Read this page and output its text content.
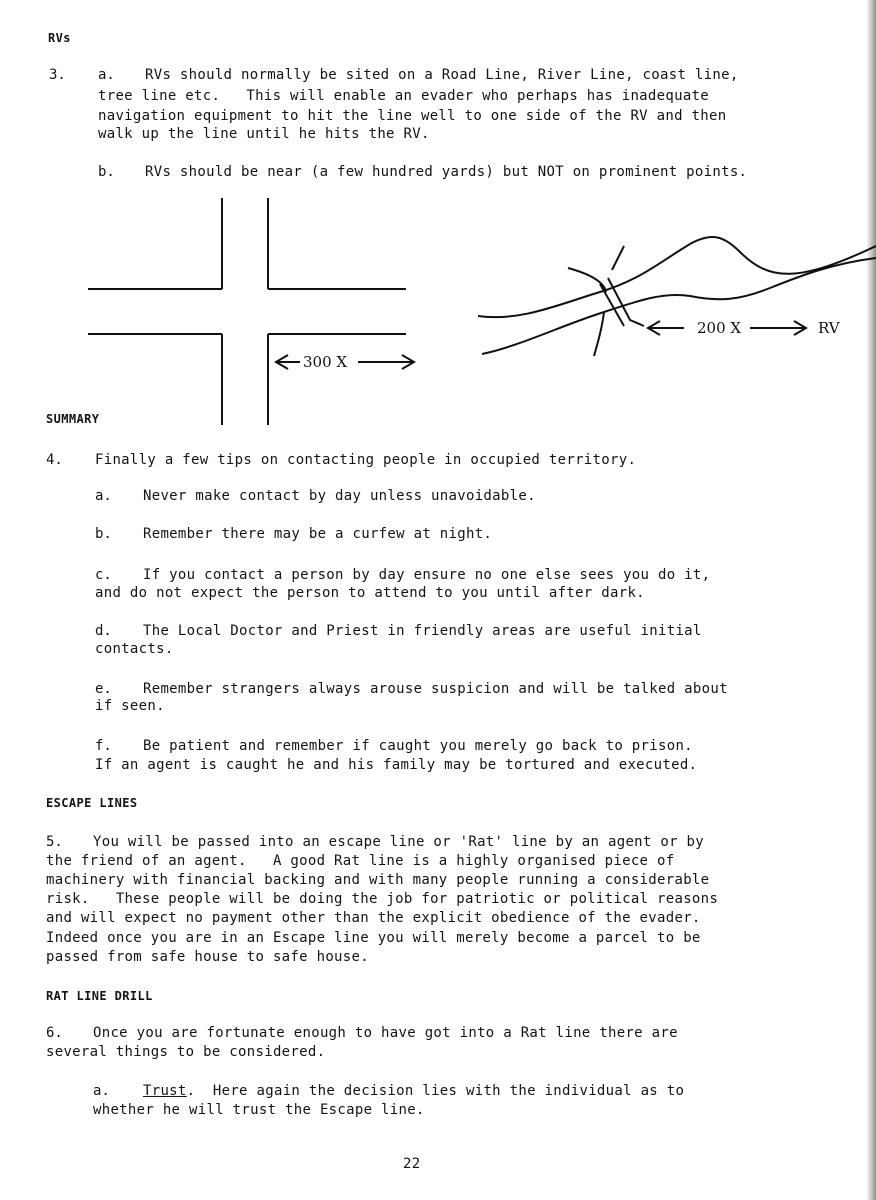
RVs
SUMMARY
ESCAPE LINES
RAT LINE DRILL
3. a. RVs should normally be sited on a Road Line, River Line, coast line,
tree line etc.   This will enable an evader who perhaps has inadequate
navigation equipment to hit the line well to one side of the RV and then
walk up the line until he hits the RV.
b. RVs should be near (a few hundred yards) but NOT on prominent points.
300 X
200 X	RV
4. Finally a few tips on contacting people in occupied territory.
a. Never make contact by day unless unavoidable.
b. Remember there may be a curfew at night.
c. If you contact a person by day ensure no one else sees you do it,
and do not expect the person to attend to you until after dark.
d. The Local Doctor and Priest in friendly areas are useful initial
contacts.
e. Remember strangers always arouse suspicion and will be talked about
if seen.
f. Be patient and remember if caught you merely go back to prison.
If an agent is caught he and his family may be tortured and executed.
5. You will be passed into an escape line or 'Rat' line by an agent or by
the friend of an agent.   A good Rat line is a highly organised piece of
machinery with financial backing and with many people running a considerable
risk.   These people will be doing the job for patriotic or political reasons
and will expect no payment other than the explicit obedience of the evader.
Indeed once you are in an Escape line you will merely become a parcel to be
passed from safe house to safe house.
6. Once you are fortunate enough to have got into a Rat line there are
several things to be considered.
a. Trust. Here again the decision lies with the individual as to
whether he will trust the Escape line.
22
